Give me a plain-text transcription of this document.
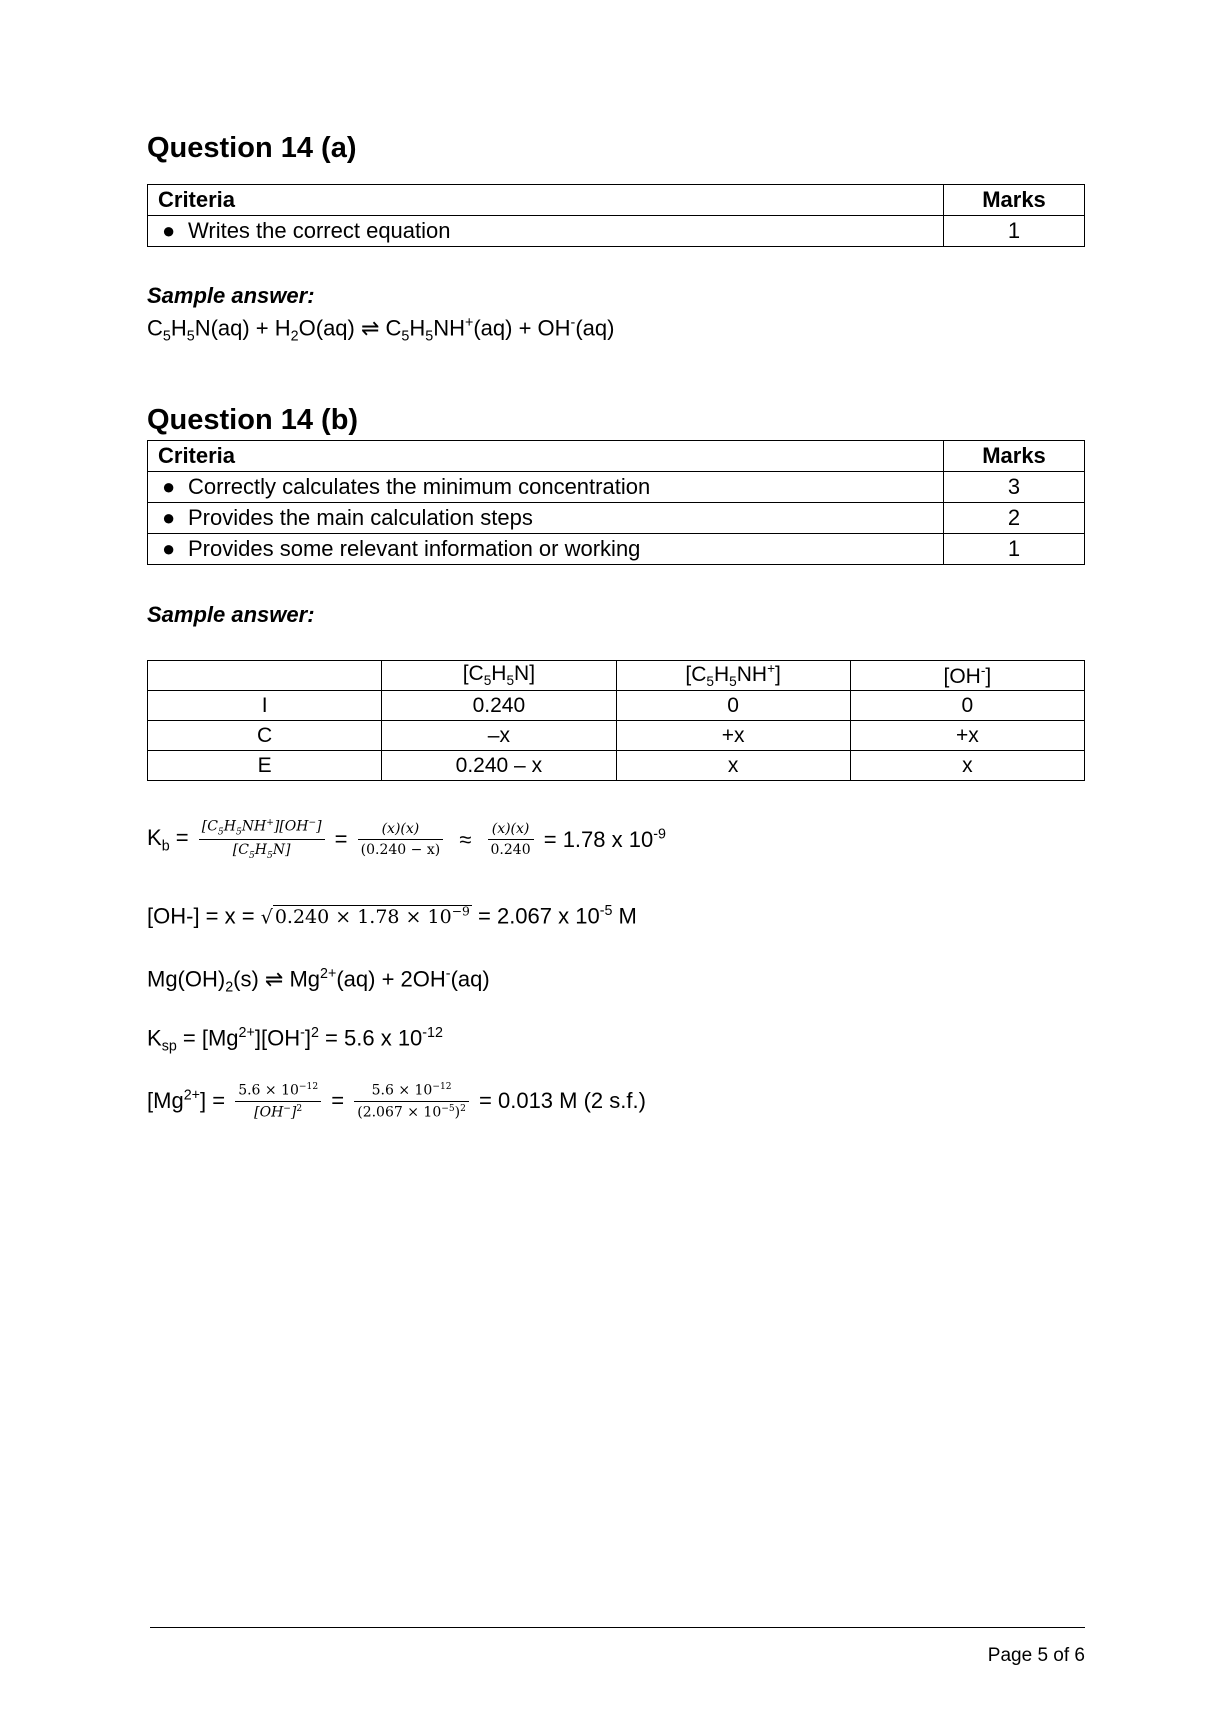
Question 14 (a)
Criteria	Marks
● Writes the correct equation	1
Sample answer:
$C_5H_5N(aq) + H_2O(aq)$ ⇌ $C_5H_5NH^+(aq) + OH^-(aq)$
Question 14 (b)
Criteria	Marks
● Correctly calculates the minimum concentration	3
● Provides the main calculation steps	2
● Provides some relevant information or working	1
Sample answer:
	$[C_5H_5N]$	$[C_5H_5NH^+]$	[OH-]
I	0.240	0	0
C	–x	+x	+x
E	0.240 – x	x	x
$K_b = \frac{[C_5H_5NH^+][OH^-]}{[C_5H_5N]} = \frac{(x)(x)}{(0.240 - x)} \approx \frac{(x)(x)}{0.240} = 1.78$ x $10^{-9}$
[OH-] = x = √ $0.240 \times 1.78 \times 10^{-9} = 2.067$ x $10^{-5}$ M
$Mg(OH)_2(s)$ ⇌ $Mg^{2+}(aq) + 2OH^-(aq)$
$K_{sp} = [Mg^{2+}][OH^-]^2 = 5.6$ x $10^{-12}$
$[Mg^{2+}] = \frac{5.6 \times 10^{-12}}{[OH^-]^2} = \frac{5.6 \times 10^{-12}}{(2.067 \times 10^{-5})^2} = 0.013$ M (2 s.f.)
Page 5 of 6
